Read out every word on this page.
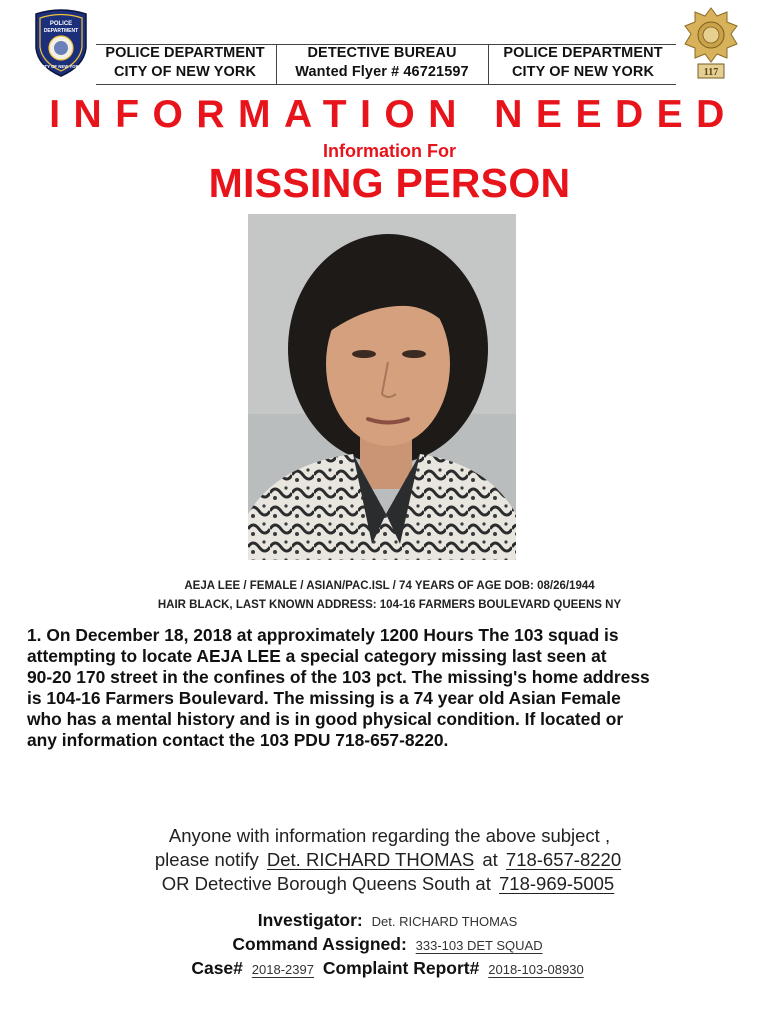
POLICE
DEPARTMENT
CITY OF NEW YORK
117
POLICE DEPARTMENT
CITY OF NEW YORK
DETECTIVE BUREAU
Wanted Flyer # 46721597
POLICE DEPARTMENT
CITY OF NEW YORK
INFORMATION NEEDED
Information For
MISSING PERSON
AEJA LEE / FEMALE / ASIAN/PAC.ISL / 74 YEARS OF AGE DOB: 08/26/1944
HAIR BLACK, LAST KNOWN ADDRESS: 104-16 FARMERS BOULEVARD QUEENS NY
1. On December 18, 2018 at approximately 1200 Hours The 103 squad is
attempting to locate AEJA LEE a special category missing last seen at
90-20 170 street in the confines of the 103 pct. The missing's home address
is 104-16 Farmers Boulevard. The missing is a 74 year old Asian Female
who has a mental history and is in good physical condition. If located or
any information contact the 103 PDU 718-657-8220.
Anyone with information regarding the above subject ,
please notify Det. RICHARD THOMAS at 718-657-8220
OR Detective Borough Queens South at 718-969-5005
Investigator: Det. RICHARD THOMAS
Command Assigned: 333-103 DET SQUAD
Case# 2018-2397 Complaint Report# 2018-103-08930
